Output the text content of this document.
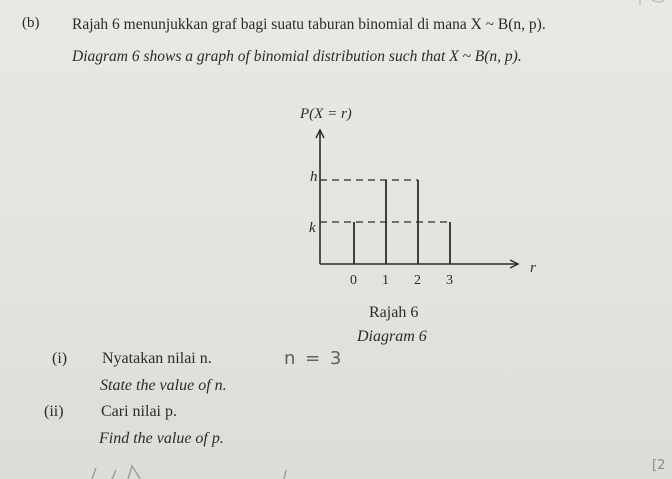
(b) Rajah 6 menunjukkan graf bagi suatu taburan binomial di mana X ~ B(n, p).
Diagram 6 shows a graph of binomial distribution such that X ~ B(n, p).
P(X = r)
r
h
k
0 1 2 3
Rajah 6
Diagram 6
(i) Nyatakan nilai n.	n = 3
State the value of n.
(ii) Cari nilai p.
Find the value of p.
[2
